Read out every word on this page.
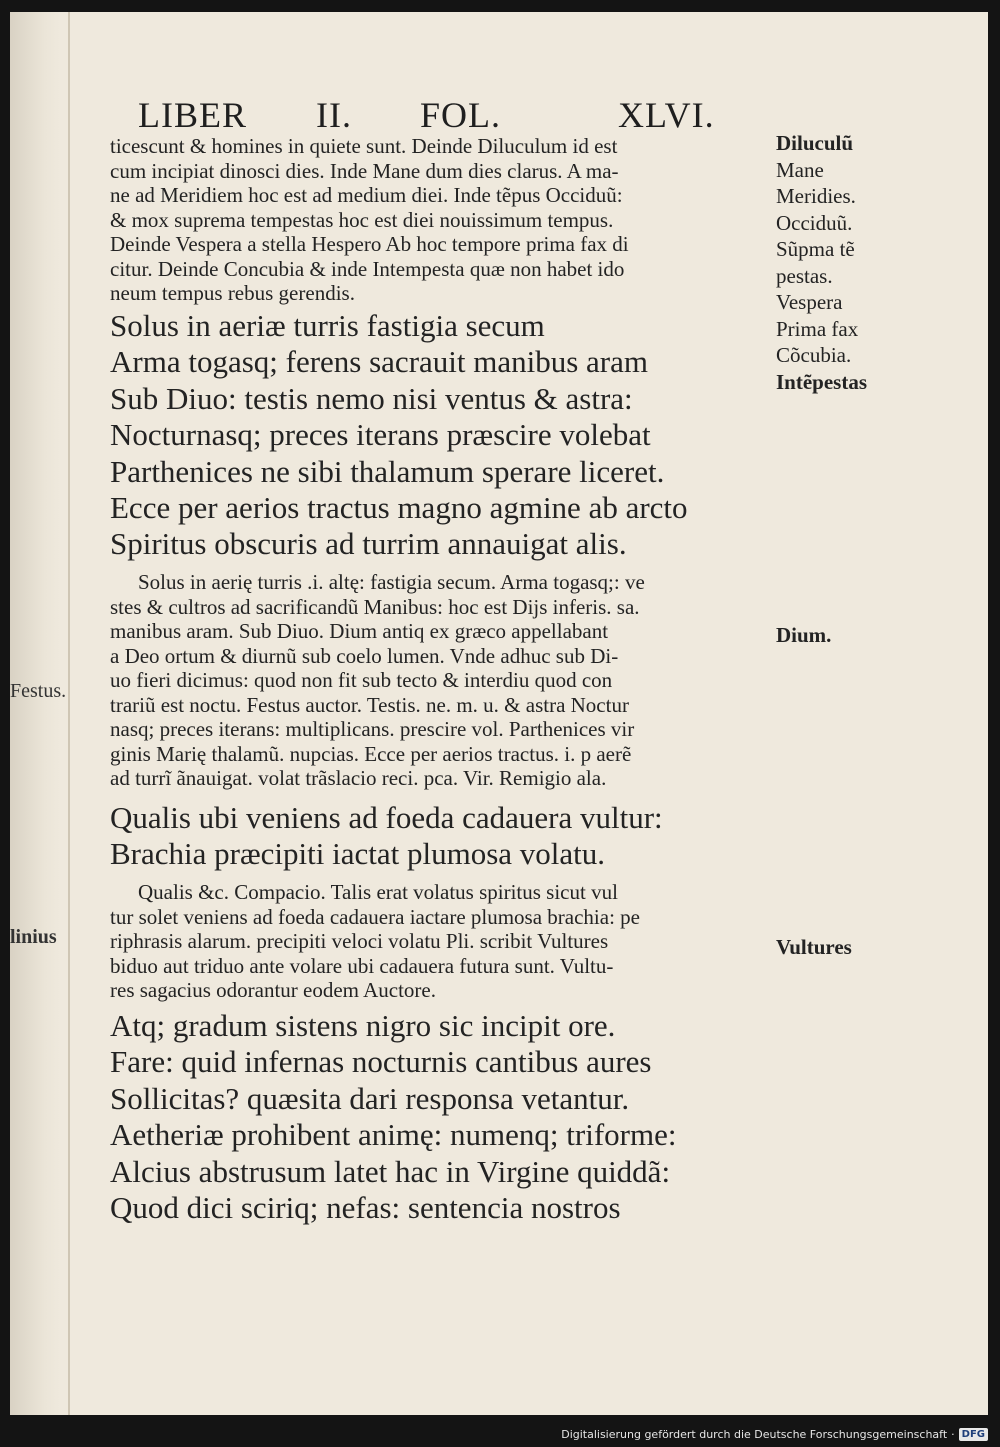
LIBER II. FOL.	XLVI.
ticescunt & homines in quiete sunt. Deinde Diluculum id est
cum incipiat dinosci dies. Inde Mane dum dies clarus. A ma-
ne ad Meridiem hoc est ad medium diei. Inde tẽpus Occiduũ:
& mox suprema tempestas hoc est diei nouissimum tempus.
Deinde Vespera a stella Hespero Ab hoc tempore prima fax di
citur. Deinde Concubia & inde Intempesta quæ non habet ido
neum tempus rebus gerendis.
Solus in aeriæ turris fastigia secum
Arma togasq; ferens sacrauit manibus aram
Sub Diuo: testis nemo nisi ventus & astra:
Nocturnasq; preces iterans præscire volebat
Parthenices ne sibi thalamum sperare liceret.
Ecce per aerios tractus magno agmine ab arcto
Spiritus obscuris ad turrim annauigat alis.
Solus in aerię turris .i. altę: fastigia secum. Arma togasq;: ve
stes & cultros ad sacrificandũ Manibus: hoc est Dijs inferis. sa.
manibus aram. Sub Diuo. Dium antiq ex græco appellabant
a Deo ortum & diurnũ sub coelo lumen. Vnde adhuc sub Di-
uo fieri dicimus: quod non fit sub tecto & interdiu quod con
trariũ est noctu. Festus auctor. Testis. ne. m. u. & astra Noctur
nasq; preces iterans: multiplicans. prescire vol. Parthenices vir
ginis Marię thalamũ. nupcias. Ecce per aerios tractus. i. p aerẽ
ad turrĩ ãnauigat. volat trãslacio reci. pca. Vir. Remigio ala.
Qualis ubi veniens ad foeda cadauera vultur:
Brachia præcipiti iactat plumosa volatu.
Qualis &c. Compacio. Talis erat volatus spiritus sicut vul
tur solet veniens ad foeda cadauera iactare plumosa brachia: pe
riphrasis alarum. precipiti veloci volatu Pli. scribit Vultures
biduo aut triduo ante volare ubi cadauera futura sunt. Vultu-
res sagacius odorantur eodem Auctore.
Atq; gradum sistens nigro sic incipit ore.
Fare: quid infernas nocturnis cantibus aures
Sollicitas? quæsita dari responsa vetantur.
Aetheriæ prohibent animę: numenq; triforme:
Alcius abstrusum latet hac in Virgine quiddã:
Quod dici sciriq; nefas: sentencia nostros
Diluculũ
Mane
Meridies.
Occiduũ.
Sũpma tẽ
pestas.
Vespera
Prima fax
Cõcubia.
Intẽpestas
Dium.
Vultures
Festus.
linius
Digitalisierung gefördert durch die Deutsche Forschungsgemeinschaft · DFG
